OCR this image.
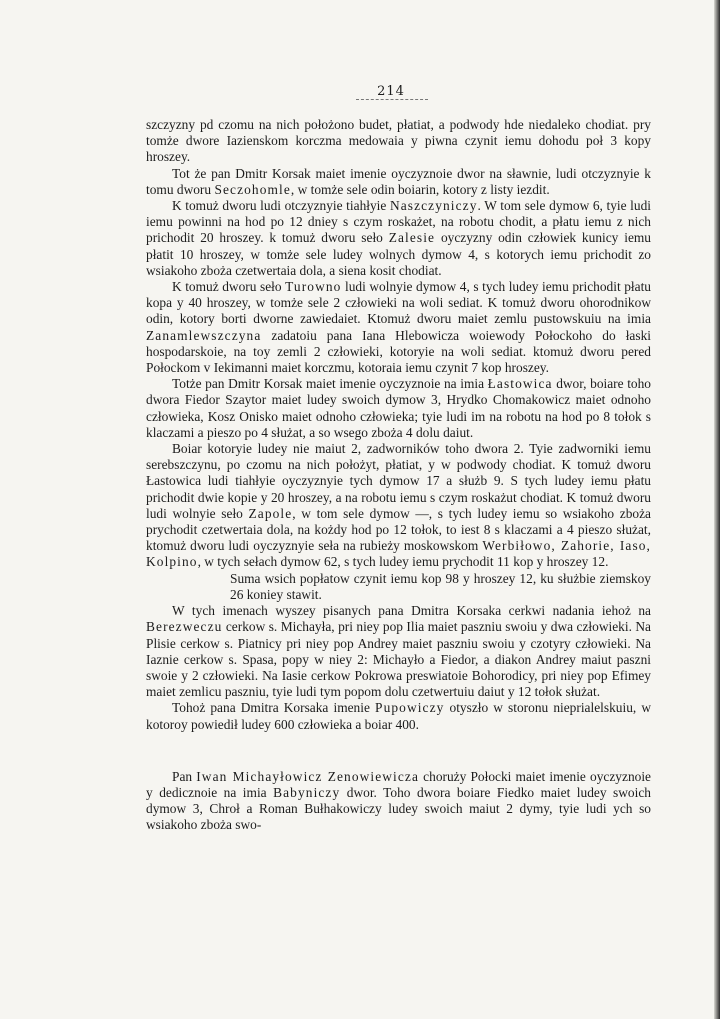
214

szczyzny pd czomu na nich położono budet, płatiat, a podwody hde niedaleko chodiat. pry tomże dwore Iazienskom korczma medowaia y piwna czynit iemu dohodu poł 3 kopy hroszey.

Tot że pan Dmitr Korsak maiet imenie oyczyznoie dwor na sławnie, ludi otczyznyie k tomu dworu Seczohomle, w tomże sele odin boiarin, kotory z listy iezdit.

K tomuż dworu ludi otczyznyie tiahłyie Naszczyniczy. W tom sele dymow 6, tyie ludi iemu powinni na hod po 12 dniey s czym roskażet, na robotu chodit, a płatu iemu z nich prichodit 20 hroszey. k tomuż dworu seło Zalesie oyczyzny odin człowiek kunicy iemu płatit 10 hroszey, w tomże sele ludey wolnych dymow 4, s kotorych iemu prichodit zo wsiakoho zboża czetwertaia dola, a siena kosit chodiat.

K tomuż dworu seło Turowno ludi wolnyie dymow 4, s tych ludey iemu prichodit płatu kopa y 40 hroszey, w tomże sele 2 człowieki na woli sediat. K tomuż dworu ohorodnikow odin, kotory borti dworne zawiedaiet. Ktomuż dworu maiet zemlu pustowskuiu na imia Zanamlewszczyna zadatoiu pana Iana Hlebowicza woiewody Połockoho do łaski hospodarskoie, na toy zemli 2 człowieki, kotoryie na woli sediat. ktomuż dworu pered Połockom v Iekimanni maiet korczmu, kotoraia iemu czynit 7 kop hroszey.

Totże pan Dmitr Korsak maiet imenie oyczyznoie na imia Łastowica dwor, boiare toho dwora Fiedor Szaytor maiet ludey swoich dymow 3, Hrydko Chomakowicz maiet odnoho człowieka, Kosz Onisko maiet odnoho człowieka; tyie ludi im na robotu na hod po 8 tołok s klaczami a pieszo po 4 służat, a so wsego zboża 4 dolu daiut.

Boiar kotoryie ludey nie maiut 2, zadworników toho dwora 2. Tyie zadworniki iemu serebszczynu, po czomu na nich położyt, płatiat, y w podwody chodiat. K tomuż dworu Łastowica ludi tiahłyie oyczyznyie tych dymow 17 a służb 9. S tych ludey iemu płatu prichodit dwie kopie y 20 hroszey, a na robotu iemu s czym roskażut chodiat. K tomuż dworu ludi wolnyie seło Zapole, w tom sele dymow —, s tych ludey iemu so wsiakoho zboża prychodit czetwertaia dola, na kożdy hod po 12 tołok, to iest 8 s klaczami a 4 pieszo służat, ktomuż dworu ludi oyczyznyie seła na rubieży moskowskom Werbiłowo, Zahorie, Iaso, Kolpino, w tych sełach dymow 62, s tych ludey iemu prychodit 11 kop y hroszey 12.

Suma wsich popłatow czynit iemu kop 98 y hroszey 12, ku służbie ziemskoy 26 koniey stawit.

W tych imenach wyszey pisanych pana Dmitra Korsaka cerkwi nadania iehoż na Berezweczu cerkow s. Michayła, pri niey pop Ilia maiet paszniu swoiu y dwa człowieki. Na Plisie cerkow s. Piatnicy pri niey pop Andrey maiet paszniu swoiu y czotyry człowieki. Na Iaznie cerkow s. Spasa, popy w niey 2: Michayło a Fiedor, a diakon Andrey maiut paszni swoie y 2 człowieki. Na Iasie cerkow Pokrowa preswiatoie Bohorodicy, pri niey pop Efimey maiet zemlicu paszniu, tyie ludi tym popom dolu czetwertuiu daiut y 12 tołok służat.

Tohoż pana Dmitra Korsaka imenie Pupowiczy otyszło w storonu nieprialelskuiu, w kotoroy powiedił ludey 600 człowieka a boiar 400.

Pan Iwan Michayłowicz Zenowiewicza chorużу Połocki maiet imenie oyczyznoie y dedicznoie na imia Babyniczy dwor. Toho dwora boiare Fiedko maiet ludey swoich dymow 3, Chroł a Roman Bułhakowiczy ludey swoich maiut 2 dymy, tyie ludi ych so wsiakoho zboża swo-
